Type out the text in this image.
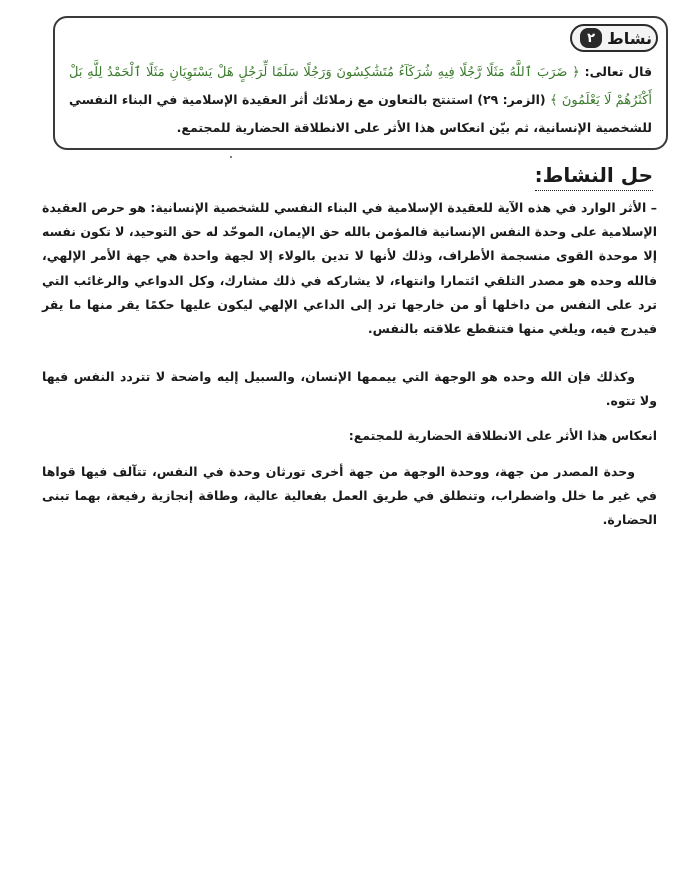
نشاط
٢

قال تعالى: ﴿ ضَرَبَ ٱللَّهُ مَثَلًا رَّجُلًا فِيهِ شُرَكَآءُ مُتَشَٰكِسُونَ وَرَجُلًا سَلَمًا لِّرَجُلٍ هَلْ يَسْتَوِيَانِ مَثَلًا ٱلْحَمْدُ لِلَّهِ بَلْ أَكْثَرُهُمْ لَا يَعْلَمُونَ ﴾ (الزمر: ٢٩) استنتج بالتعاون مع زملائك أثر العقيدة الإسلامية في البناء النفسي للشخصية الإنسانية، ثم بيّن انعكاس هذا الأثر على الانطلاقة الحضارية للمجتمع.

حل النشاط:

– الأثر الوارد في هذه الآية للعقيدة الإسلامية في البناء النفسي للشخصية الإنسانية: هو حرص العقيدة الإسلامية على وحدة النفس الإنسانية فالمؤمن بالله حق الإيمان، الموحّد له حق التوحيد، لا تكون نفسه إلا موحدة القوى منسجمة الأطراف، وذلك لأنها لا تدين بالولاء إلا لجهة واحدة هي جهة الأمر الإلهي، فالله وحده هو مصدر التلقي ائتمارا وانتهاء، لا يشاركه في ذلك مشارك، وكل الدواعي والرغائب التي ترد على النفس من داخلها أو من خارجها ترد إلى الداعي الإلهي ليكون عليها حكمًا يقر منها ما يقر فيدرج فيه، ويلغي منها فتنقطع علاقته بالنفس.

وكذلك فإن الله وحده هو الوجهة التي ييممها الإنسان، والسبيل إليه واضحة لا تتردد النفس فيها ولا تتوه.

انعكاس هذا الأثر على الانطلاقة الحضارية للمجتمع:

وحدة المصدر من جهة، ووحدة الوجهة من جهة أخرى تورثان وحدة في النفس، تتآلف فيها قواها في غير ما خلل واضطراب، وتنطلق في طريق العمل بفعالية عالية، وطاقة إنجازية رفيعة، بهما تبنى الحضارة.
